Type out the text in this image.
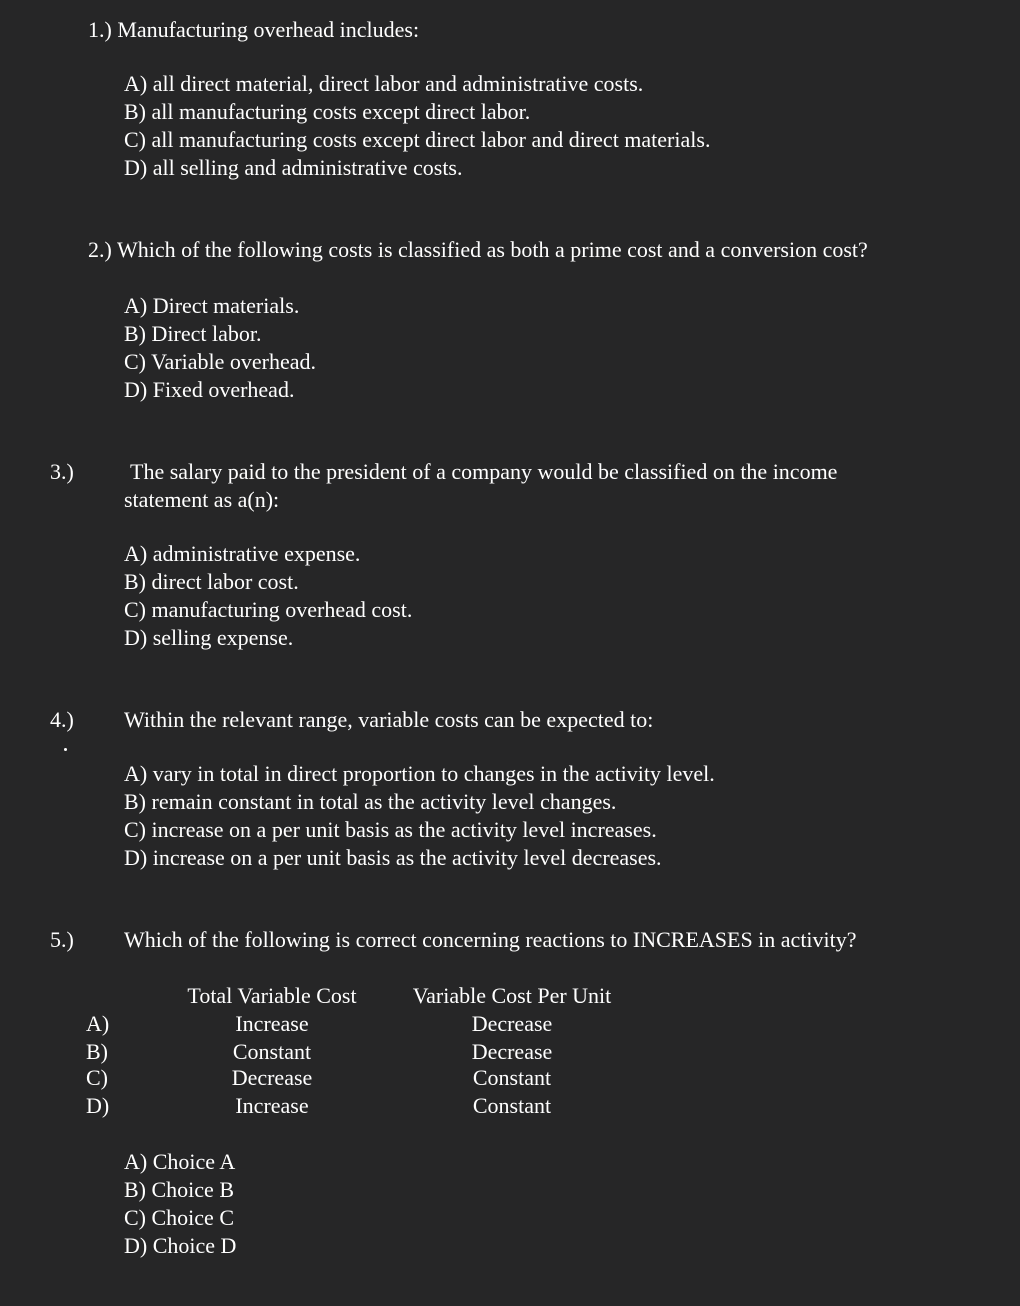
1.) Manufacturing overhead includes:
A) all direct material, direct labor and administrative costs.
B) all manufacturing costs except direct labor.
C) all manufacturing costs except direct labor and direct materials.
D) all selling and administrative costs.
2.) Which of the following costs is classified as both a prime cost and a conversion cost?
A) Direct materials.
B) Direct labor.
C) Variable overhead.
D) Fixed overhead.
3.)	The salary paid to the president of a company would be classified on the income
statement as a(n):
A) administrative expense.
B) direct labor cost.
C) manufacturing overhead cost.
D) selling expense.
4.) Within the relevant range, variable costs can be expected to:
A) vary in total in direct proportion to changes in the activity level.
B) remain constant in total as the activity level changes.
C) increase on a per unit basis as the activity level increases.
D) increase on a per unit basis as the activity level decreases.
5.) Which of the following is correct concerning reactions to INCREASES in activity?
Total Variable Cost	Variable Cost Per Unit
A)	Increase	Decrease
B)	Constant	Decrease
C)	Decrease	Constant
D)	Increase	Constant
A) Choice A
B) Choice B
C) Choice C
D) Choice D
